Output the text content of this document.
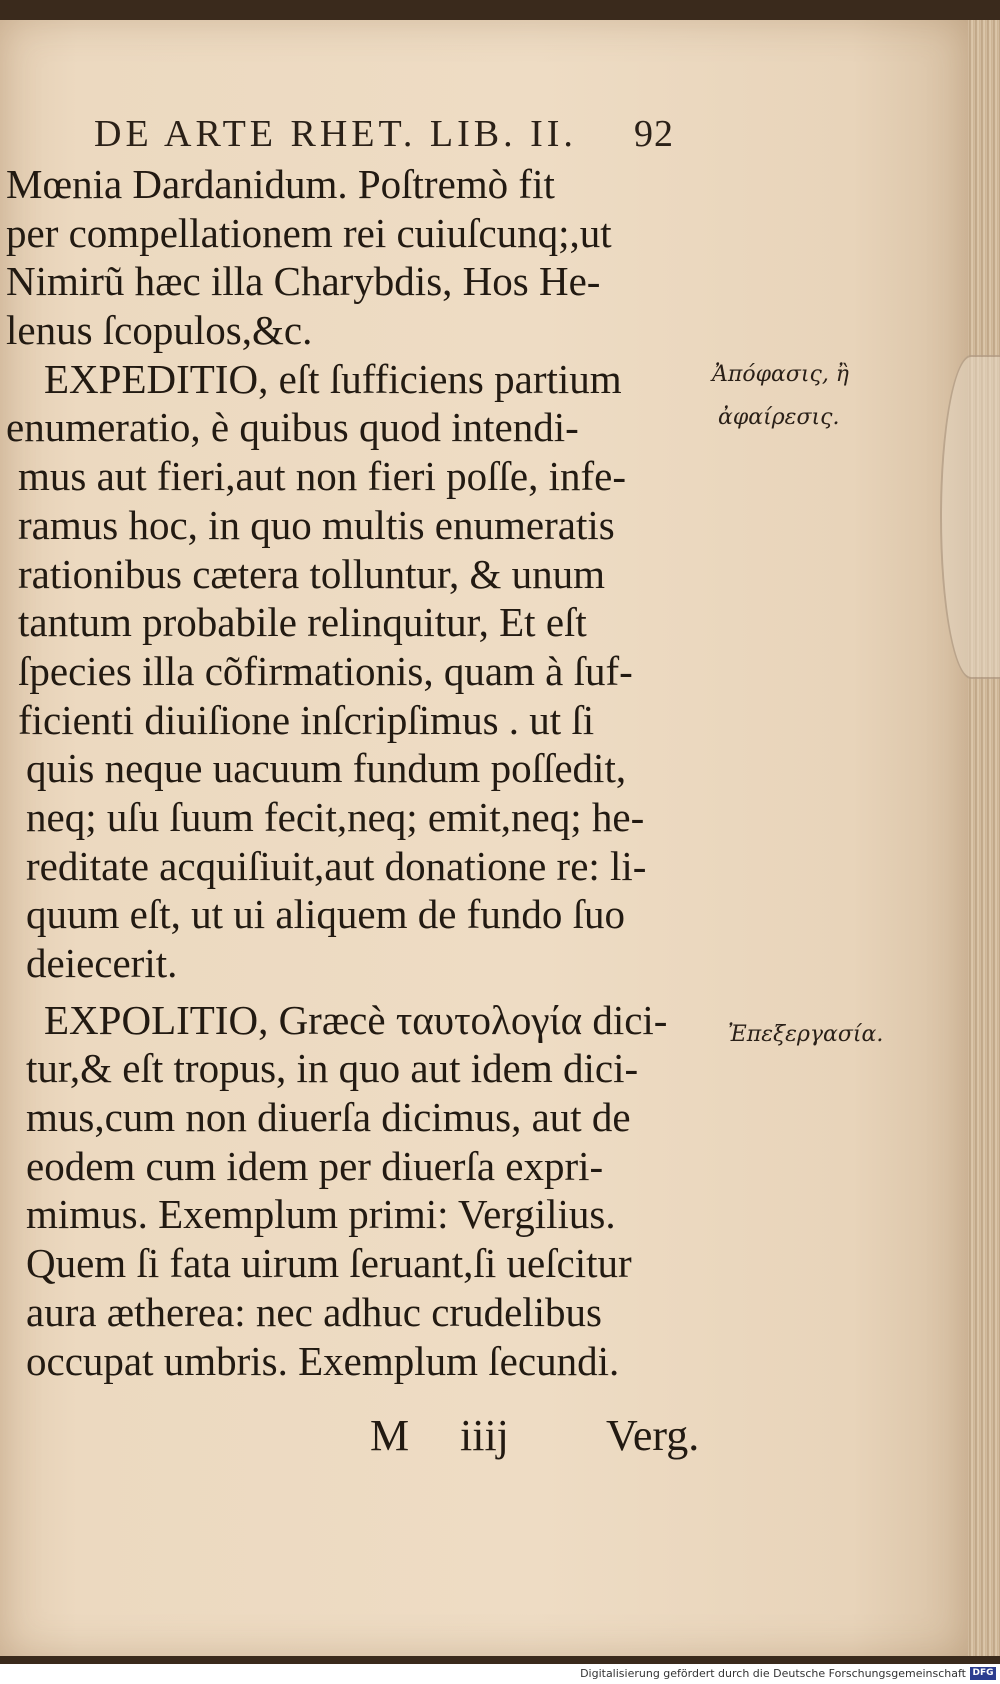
DE ARTE RHET. LIB. II. 92
Mœnia Dardanidum. Poſtremò fit
per compellationem rei cuiuſcunq;,ut
Nimirũ hæc illa Charybdis, Hos He-
lenus ſcopulos,&c.
EXPEDITIO, eſt ſufficiens partium
enumeratio, è quibus quod intendi-
mus aut fieri,aut non fieri poſſe, infe-
ramus hoc, in quo multis enumeratis
rationibus cætera tolluntur, & unum
tantum probabile relinquitur, Et eſt
ſpecies illa cõfirmationis, quam à ſuf-
ficienti diuiſione inſcripſimus . ut ſi
quis neque uacuum fundum poſſedit,
neq; uſu ſuum fecit,neq; emit,neq; he-
reditate acquiſiuit,aut donatione re: li-
quum eſt, ut ui aliquem de fundo ſuo
deiecerit.
EXPOLITIO, Græcè ταυτολογία dici-
tur,& eſt tropus, in quo aut idem dici-
mus,cum non diuerſa dicimus, aut de
eodem cum idem per diuerſa expri-
mimus. Exemplum primi: Vergilius.
Quem ſi fata uirum ſeruant,ſi ueſcitur
aura ætherea: nec adhuc crudelibus
occupat umbris. Exemplum ſecundi.
Ἀπόφασις, ἢ
ἀφαίρεσις.
Ἐπεξεργασία.
M iiij Verg.
Digitalisierung gefördert durch die Deutsche Forschungsgemeinschaft DFG
